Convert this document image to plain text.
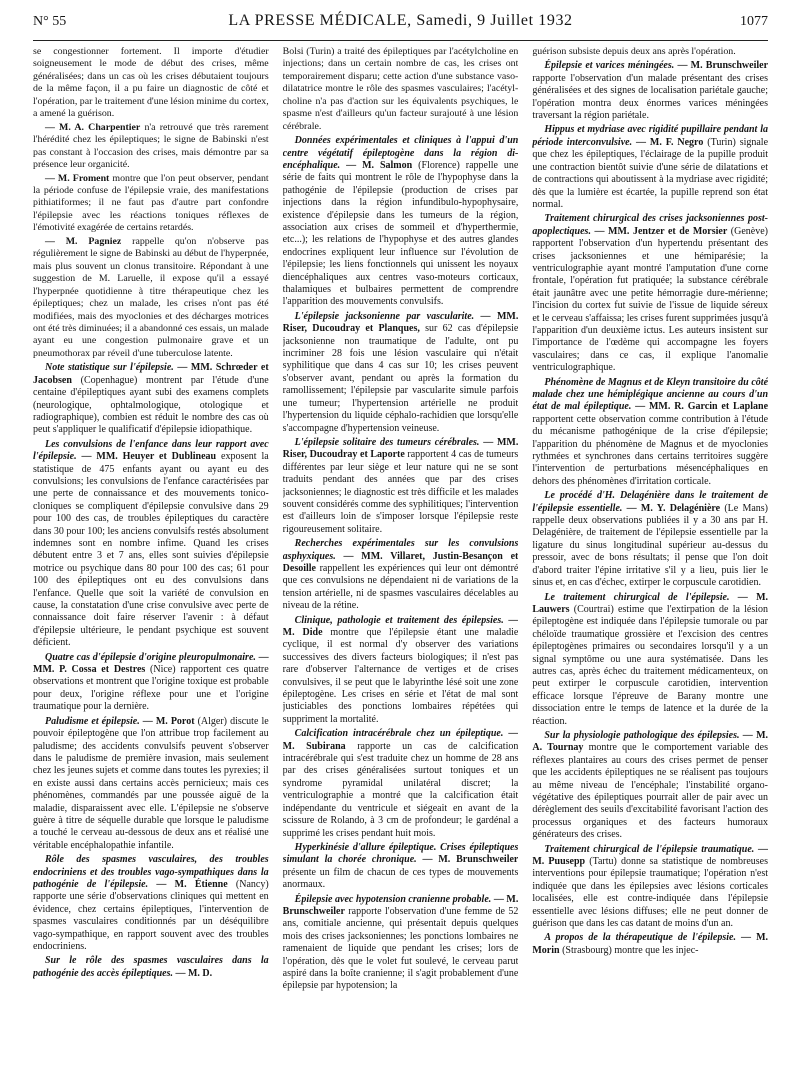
N° 55	LA PRESSE MÉDICALE, Samedi, 9 Juillet 1932	1077

se congestionner fortement. Il importe d'étudier soigneusement le mode de début des crises, même généralisées; dans un cas où les crises débutaient toujours de la même façon, il a pu faire un diagnostic de côté et l'opération, par le traitement d'une lésion minime du cortex, a amené la guérison.

— M. A. Charpentier n'a retrouvé que très rarement l'hérédité chez les épileptiques; le signe de Babinski n'est pas constant à l'occasion des crises, mais démontre par sa présence leur organicité.

— M. Froment montre que l'on peut observer, pendant la période confuse de l'épilepsie vraie, des manifestations pithiatiformes; il ne faut pas d'autre part confondre l'épilepsie avec les réactions toniques réflexes de l'émotivité exagérée de certains retardés.

— M. Pagniez rappelle qu'on n'observe pas régulièrement le signe de Babinski au début de l'hyperpnée, mais plus souvent un clonus transitoire. Répondant à une suggestion de M. Laruelle, il expose qu'il a essayé l'hyperpnée quotidienne à titre thérapeutique chez les épileptiques; chez un malade, les crises n'ont pas été modifiées, mais des myoclonies et des décharges motrices ont été très diminuées; il a abandonné ces essais, un malade ayant eu une congestion pulmonaire grave et un pneumothorax par réveil d'une tuberculose latente.

Note statistique sur l'épilepsie. — MM. Schrœder et Jacobsen (Copenhague) montrent par l'étude d'une centaine d'épileptiques ayant subi des examens complets (neurologique, ophtalmologique, otologique et radiographique), combien est réduit le nombre des cas où peut s'appliquer le qualificatif d'épilepsie idiopathique.
Les convulsions de l'enfance dans leur rapport avec l'épilepsie. — MM. Heuyer et Dublineau exposent la statistique de 475 enfants ayant ou ayant eu des convulsions; les convulsions de l'enfance caractérisées par une perte de connaissance et des mouvements tonico-cloniques se compliquent d'épilepsie convulsive dans 29 pour 100 des cas, de troubles épileptiques du caractère dans 30 pour 100; les anciens convulsifs restés absolument indemnes sont en nombre infime. Quand les crises débutent entre 3 et 7 ans, elles sont suivies d'épilepsie motrice ou psychique dans 80 pour 100 des cas; 61 pour 100 des épileptiques ont eu des convulsions dans l'enfance. Quelle que soit la variété de convulsion en cause, la constatation d'une crise convulsive avec perte de connaissance doit faire réserver l'avenir : à défaut d'épilepsie ultérieure, le pendant psychique est souvent déficient.
Quatre cas d'épilepsie d'origine pleuropulmonaire. — MM. P. Cossa et Destres (Nice) rapportent ces quatre observations et montrent que l'origine toxique est probable pour deux, l'origine réflexe pour une et l'origine traumatique pour la dernière.
Paludisme et épilepsie. — M. Porot (Alger) discute le pouvoir épileptogène que l'on attribue trop facilement au paludisme; des accidents convulsifs peuvent s'observer dans le paludisme de première invasion, mais seulement chez les jeunes sujets et comme dans toutes les pyrexies; il en existe aussi dans certains accès pernicieux; mais ces phénomènes, commandés par une poussée aiguë de la maladie, disparaissent avec elle. L'épilepsie ne s'observe guère à titre de séquelle durable que lorsque le paludisme a touché le cerveau au-dessous de deux ans et réalisé une véritable encéphalopathie infantile.
Rôle des spasmes vasculaires, des troubles endocriniens et des troubles vago-sympathiques dans la pathogénie de l'épilepsie. — M. Étienne (Nancy) rapporte une série d'observations cliniques qui mettent en évidence, chez certains épileptiques, l'intervention de spasmes vasculaires conditionnés par un déséquilibre vago-sympathique, en rapport souvent avec des troubles endocriniens.
Sur le rôle des spasmes vasculaires dans la pathogénie des accès épileptiques. — M. D.

Bolsi (Turin) a traité des épileptiques par l'acétylcholine en injections; dans un certain nombre de cas, les crises ont temporairement disparu; cette action d'une substance vaso-dilatatrice montre le rôle des spasmes vasculaires; l'acétyl-choline n'a pas d'action sur les équivalents psychiques, le spasme n'est d'ailleurs qu'un facteur surajouté à une lésion cérébrale.

Données expérimentales et cliniques à l'appui d'un centre végétatif épileptogène dans la région di-encéphalique. — M. Salmon (Florence) rappelle une série de faits qui montrent le rôle de l'hypophyse dans la pathogénie de l'épilepsie (production de crises par injections dans la région infundibulo-hypophysaire, existence d'épilepsie dans les tumeurs de la région, association aux crises de sommeil et d'hyperthermie, etc...); les relations de l'hypophyse et des autres glandes endocrines expliquent leur influence sur l'évolution de l'épilepsie; les liens fonctionnels qui unissent les noyaux diencéphaliques aux centres vaso-moteurs corticaux, thalamiques et bulbaires permettent de comprendre l'apparition des mouvements convulsifs.
L'épilepsie jacksonienne par vascularite. — MM. Riser, Ducoudray et Planques, sur 62 cas d'épilepsie jacksonienne non traumatique de l'adulte, ont pu incriminer 28 fois une lésion vasculaire qui n'était syphilitique que dans 4 cas sur 10; les crises peuvent s'observer avant, pendant ou après la formation du ramollissement; l'épilepsie par vascularite simule parfois une tumeur; l'hypertension artérielle ne produit l'hypertension du liquide céphalo-rachidien que lorsqu'elle s'accompagne d'hypertension veineuse.
L'épilepsie solitaire des tumeurs cérébrales. — MM. Riser, Ducoudray et Laporte rapportent 4 cas de tumeurs différentes par leur siège et leur nature qui ne se sont traduits pendant des années que par des crises jacksoniennes; le diagnostic est très difficile et les malades souvent considérés comme des syphilitiques; l'intervention est d'ailleurs loin de s'imposer lorsque l'épilepsie reste rigoureusement solitaire.
Recherches expérimentales sur les convulsions asphyxiques. — MM. Villaret, Justin-Besançon et Desoille rappellent les expériences qui leur ont démontré que ces convulsions ne dépendaient ni de variations de la tension artérielle, ni de spasmes vasculaires décelables au niveau de la rétine.
Clinique, pathologie et traitement des épilepsies. — M. Dide montre que l'épilepsie étant une maladie cyclique, il est normal d'y observer des variations successives des divers facteurs biologiques; il n'est pas rare d'observer l'alternance de vertiges et de crises convulsives, il se peut que le labyrinthe lésé soit une zone épileptogène. Les crises en série et l'état de mal sont justiciables des ponctions lombaires répétées qui suppriment la mortalité.
Calcification intracérébrale chez un épileptique. — M. Subirana rapporte un cas de calcification intracérébrale qui s'est traduite chez un homme de 28 ans par des crises généralisées surtout toniques et un syndrome pyramidal unilatéral discret; la ventriculographie a montré que la calcification était indépendante du ventricule et siégeait en avant de la scissure de Rolando, à 3 cm de profondeur; le gardénal a supprimé les crises pendant huit mois.
Hyperkinésie d'allure épileptique. Crises épileptiques simulant la chorée chronique. — M. Brunschweiler présente un film de chacun de ces types de mouvements anormaux.
Épilepsie avec hypotension cranienne probable. — M. Brunschweiler rapporte l'observation d'une femme de 52 ans, comitiale ancienne, qui présentait depuis quelques mois des crises jacksoniennes; les ponctions lombaires ne ramenaient de liquide que pendant les crises; lors de l'opération, dès que le volet fut soulevé, le cerveau parut aspiré dans la boîte cranienne; il s'agit probablement d'une épilepsie par hypotension; la

guérison subsiste depuis deux ans après l'opération.

Épilepsie et varices méningées. — M. Brunschweiler rapporte l'observation d'un malade présentant des crises généralisées et des signes de localisation pariétale gauche; l'opération montra deux énormes varices méningées traversant la région pariétale.
Hippus et mydriase avec rigidité pupillaire pendant la période interconvulsive. — M. F. Negro (Turin) signale que chez les épileptiques, l'éclairage de la pupille produit une contraction bientôt suivie d'une série de dilatations et de contractions qui aboutissent à la mydriase avec rigidité; dès que la lumière est écartée, la pupille reprend son état normal.
Traitement chirurgical des crises jacksoniennes post-apoplectiques. — MM. Jentzer et de Morsier (Genève) rapportent l'observation d'un hypertendu présentant des crises jacksoniennes et une hémiparésie; la ventriculographie ayant montré l'amputation d'une corne frontale, l'opération fut pratiquée; la substance cérébrale était jaunâtre avec une petite hémorragie dure-mérienne; l'incision du cortex fut suivie de l'issue de liquide séreux et le cerveau s'affaissa; les crises furent supprimées jusqu'à l'apparition d'un deuxième ictus. Les auteurs insistent sur l'importance de l'œdème qui accompagne les foyers vasculaires; dans ce cas, il explique l'anomalie ventriculographique.
Phénomène de Magnus et de Kleyn transitoire du côté malade chez une hémiplégique ancienne au cours d'un état de mal épileptique. — MM. R. Garcin et Laplane rapportent cette observation comme contribution à l'étude du mécanisme pathogénique de la crise d'épilepsie; l'apparition du phénomène de Magnus et de myoclonies rythmées et synchrones dans certains territoires suggère l'intervention de perturbations mésencéphaliques en dehors des phénomènes d'irritation corticale.
Le procédé d'H. Delagénière dans le traitement de l'épilepsie essentielle. — M. Y. Delagénière (Le Mans) rappelle deux observations publiées il y a 30 ans par H. Delagénière, de traitement de l'épilepsie essentielle par la ligature du sinus longitudinal supérieur au-dessus du pressoir, avec de bons résultats; il pense que l'on doit d'abord traiter l'épine irritative s'il y a lieu, puis lier le sinus et, en cas d'échec, extirper le corpuscule carotidien.
Le traitement chirurgical de l'épilepsie. — M. Lauwers (Courtrai) estime que l'extirpation de la lésion épileptogène est indiquée dans l'épilepsie tumorale ou par chéloïde traumatique grossière et l'excision des centres épileptogènes primaires ou secondaires lorsqu'il y a un signal symptôme ou une aura systématisée. Dans les autres cas, après échec du traitement médicamenteux, on peut extirper le corpuscule carotidien, intervention efficace lorsque l'épreuve de Barany montre une dissociation entre le temps de latence et la durée de la réaction.
Sur la physiologie pathologique des épilepsies. — M. A. Tournay montre que le comportement variable des réflexes plantaires au cours des crises permet de penser que les accidents épileptiques ne se réalisent pas toujours au même niveau de l'encéphale; l'instabilité organo-végétative des épileptiques pourrait aller de pair avec un dérèglement des seuils d'excitabilité favorisant l'action des processus organiques et des facteurs humoraux générateurs des crises.
Traitement chirurgical de l'épilepsie traumatique. — M. Puusepp (Tartu) donne sa statistique de nombreuses interventions pour épilepsie traumatique; l'opération n'est indiquée que dans les épilepsies avec lésions corticales localisées, elle est contre-indiquée dans l'épilepsie essentielle avec lésions diffuses; elle ne peut donner de guérison que dans les cas datant de moins d'un an.
A propos de la thérapeutique de l'épilepsie. — M. Morin (Strasbourg) montre que les injec-
